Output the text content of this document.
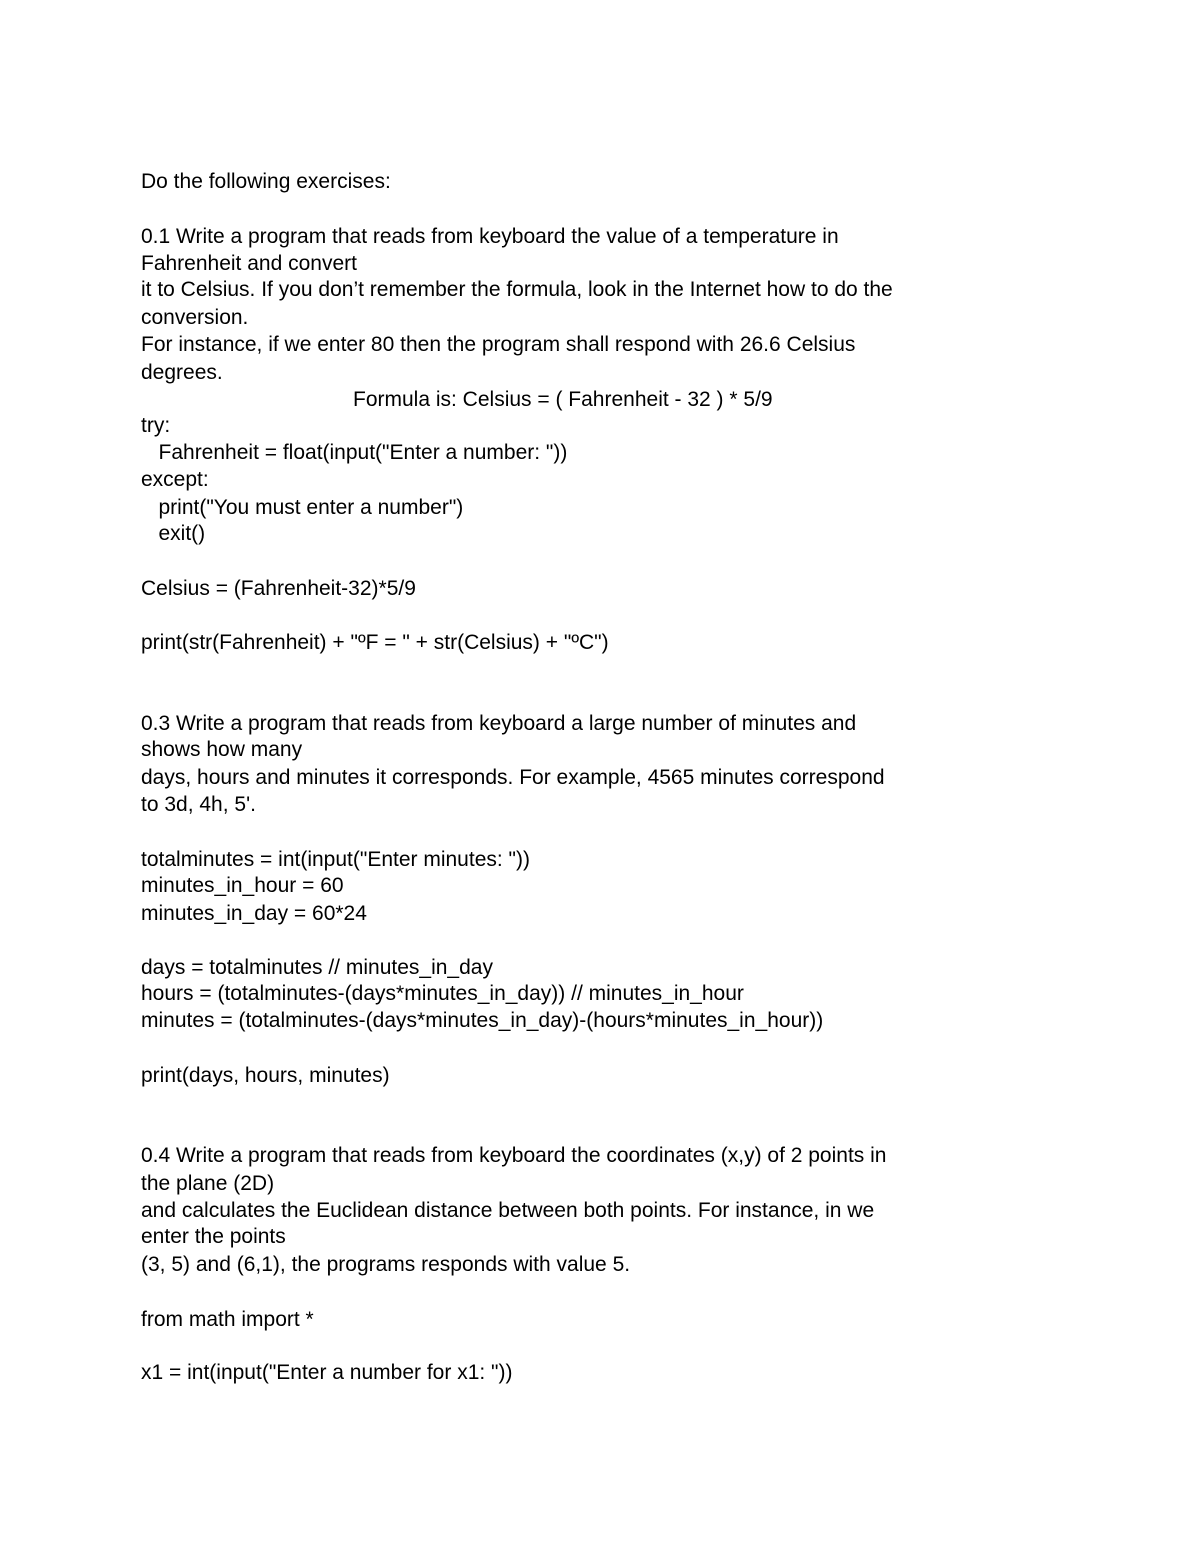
Do the following exercises:

0.1 Write a program that reads from keyboard the value of a temperature in

Fahrenheit and convert

it to Celsius. If you don’t remember the formula, look in the Internet how to do the

conversion.

For instance, if we enter 80 then the program shall respond with 26.6 Celsius

degrees.

Formula is: Celsius = ( Fahrenheit - 32 ) * 5/9

try:

Fahrenheit = float(input("Enter a number: "))

except:

print("You must enter a number")

exit()

Celsius = (Fahrenheit-32)*5/9

print(str(Fahrenheit) + "ºF = " + str(Celsius) + "ºC")

0.3 Write a program that reads from keyboard a large number of minutes and

shows how many

days, hours and minutes it corresponds. For example, 4565 minutes correspond

to 3d, 4h, 5'.

totalminutes = int(input("Enter minutes: "))

minutes_in_hour = 60

minutes_in_day = 60*24

days = totalminutes // minutes_in_day

hours = (totalminutes-(days*minutes_in_day)) // minutes_in_hour

minutes = (totalminutes-(days*minutes_in_day)-(hours*minutes_in_hour))

print(days, hours, minutes)

0.4 Write a program that reads from keyboard the coordinates (x,y) of 2 points in

the plane (2D)

and calculates the Euclidean distance between both points. For instance, in we

enter the points

(3, 5) and (6,1), the programs responds with value 5.

from math import *

x1 = int(input("Enter a number for x1: "))
